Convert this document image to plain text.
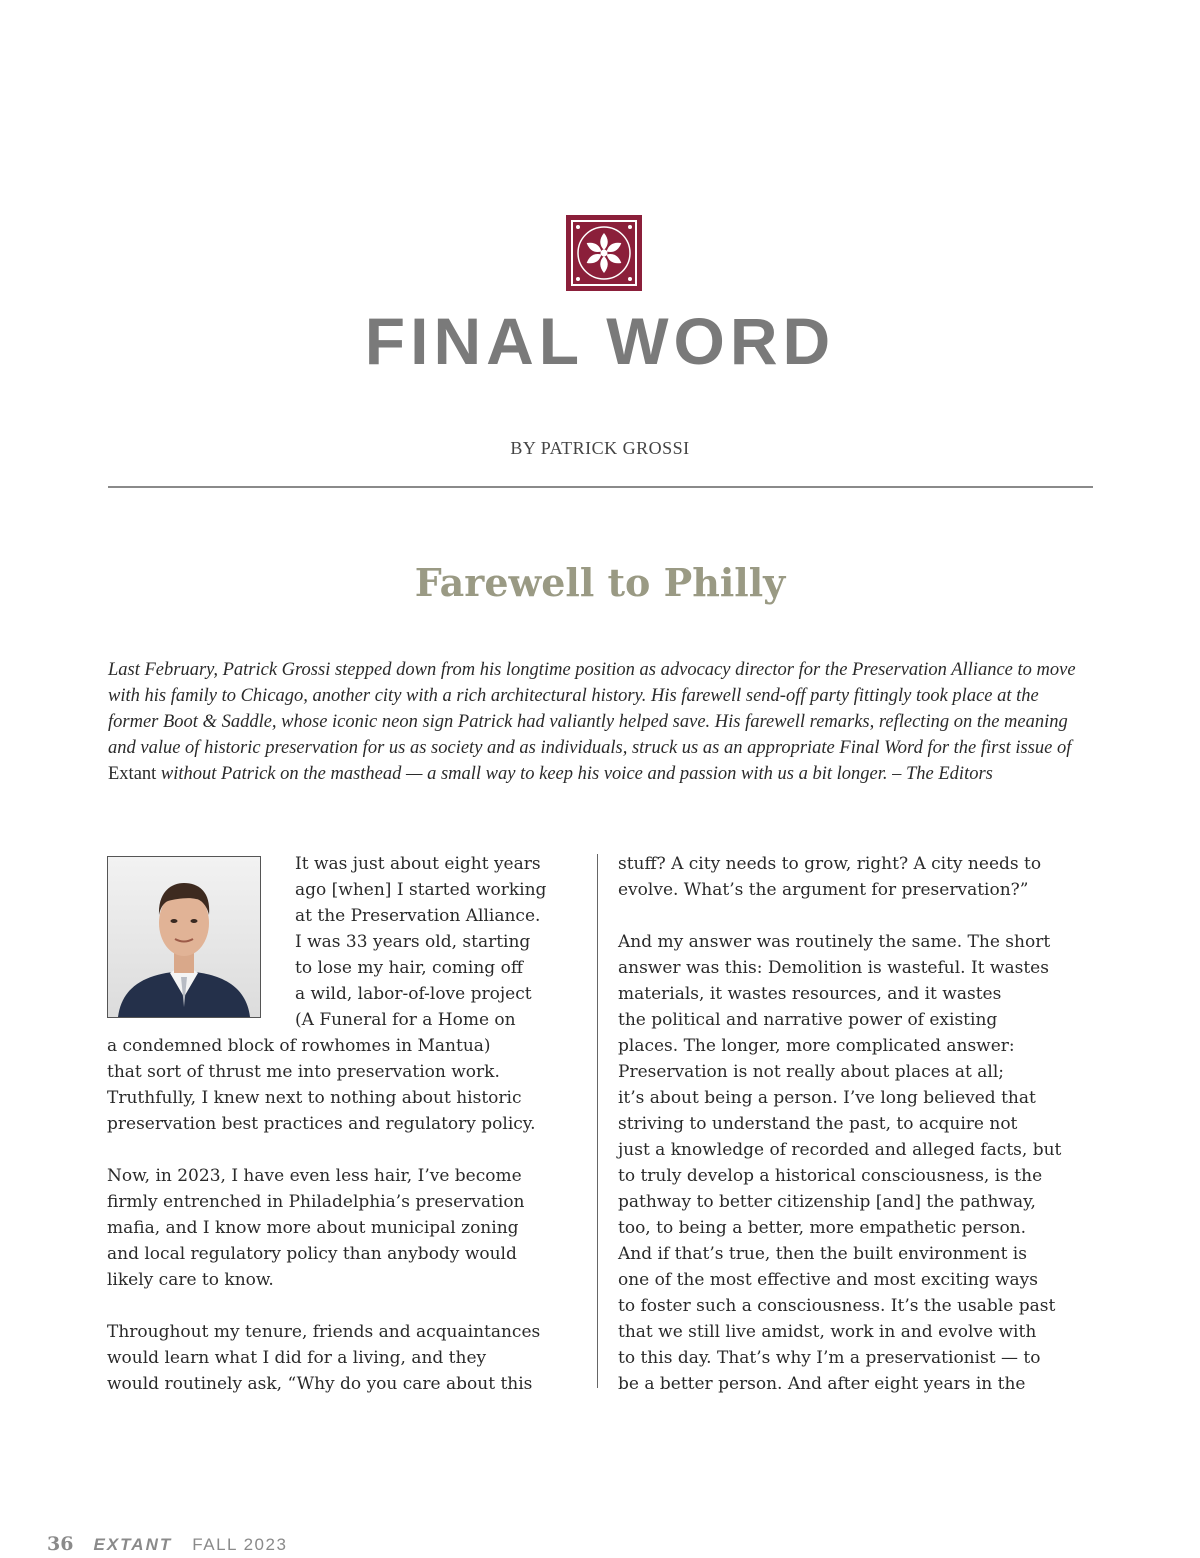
FINAL WORD

BY PATRICK GROSSI

Farewell to Philly

Last February, Patrick Grossi stepped down from his longtime position as advocacy director for the Preservation Alliance to move with his family to Chicago, another city with a rich architectural history. His farewell send-off party fittingly took place at the former Boot & Saddle, whose iconic neon sign Patrick had valiantly helped save. His farewell remarks, reflecting on the meaning and value of historic preservation for us as society and as individuals, struck us as an appropriate Final Word for the first issue of Extant without Patrick on the masthead — a small way to keep his voice and passion with us a bit longer. – The Editors

It was just about eight years

ago [when] I started working

at the Preservation Alliance.

I was 33 years old, starting

to lose my hair, coming off

a wild, labor-of-love project

(A Funeral for a Home on

a condemned block of rowhomes in Mantua)

that sort of thrust me into preservation work.

Truthfully, I knew next to nothing about historic

preservation best practices and regulatory policy.

Now, in 2023, I have even less hair, I’ve become

firmly entrenched in Philadelphia’s preservation

mafia, and I know more about municipal zoning

and local regulatory policy than anybody would

likely care to know.

Throughout my tenure, friends and acquaintances

would learn what I did for a living, and they

would routinely ask, “Why do you care about this

stuff? A city needs to grow, right? A city needs to

evolve. What’s the argument for preservation?”

And my answer was routinely the same. The short

answer was this: Demolition is wasteful. It wastes

materials, it wastes resources, and it wastes

the political and narrative power of existing

places. The longer, more complicated answer:

Preservation is not really about places at all;

it’s about being a person. I’ve long believed that

striving to understand the past, to acquire not

just a knowledge of recorded and alleged facts, but

to truly develop a historical consciousness, is the

pathway to better citizenship [and] the pathway,

too, to being a better, more empathetic person.

And if that’s true, then the built environment is

one of the most effective and most exciting ways

to foster such a consciousness. It’s the usable past

that we still live amidst, work in and evolve with

to this day. That’s why I’m a preservationist — to

be a better person. And after eight years in the

36 EXTANT FALL 2023
